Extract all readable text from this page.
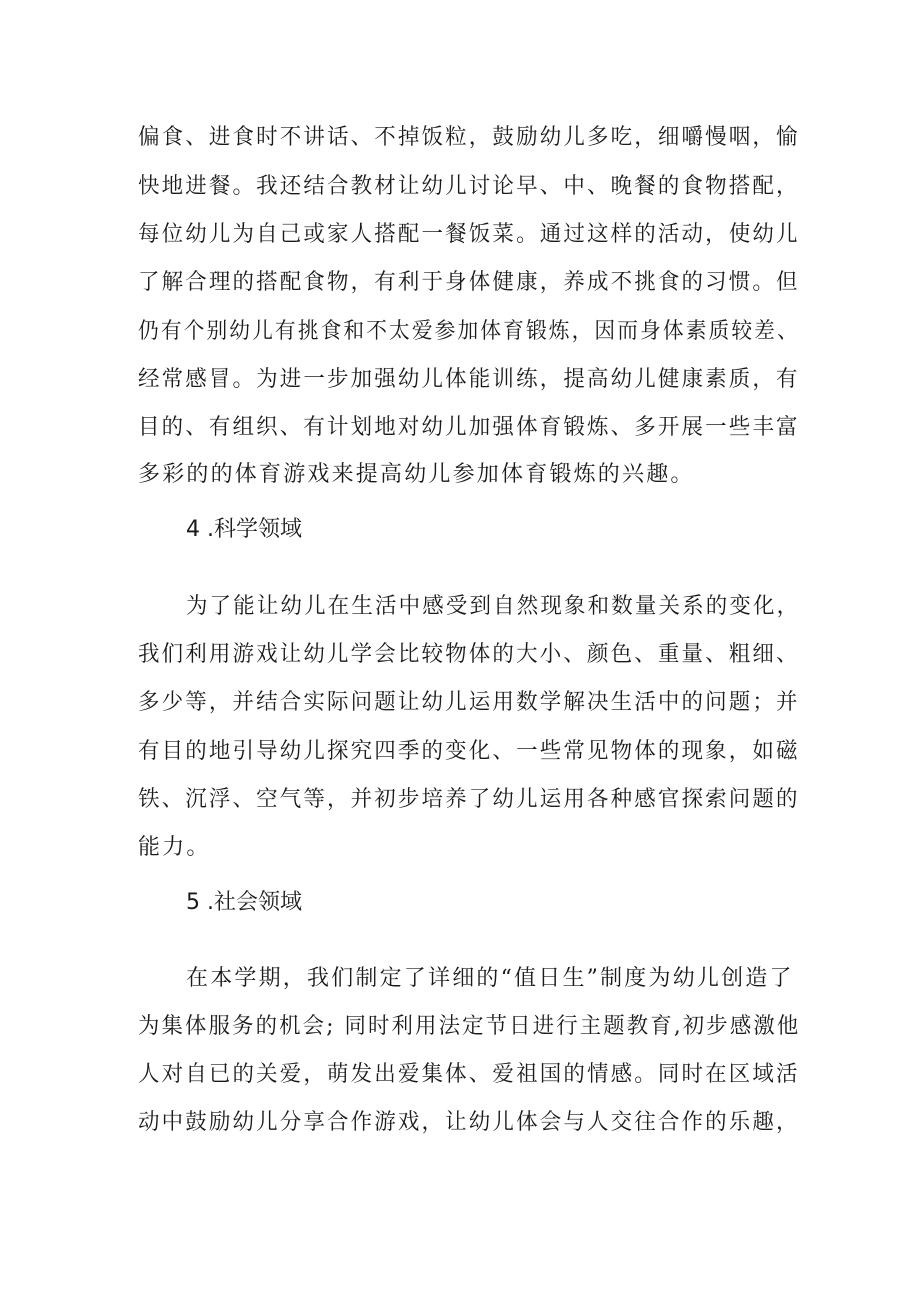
偏食、进食时不讲话、不掉饭粒，鼓励幼儿多吃，细嚼慢咽，愉
快地进餐。我还结合教材让幼儿讨论早、中、晚餐的食物搭配，
每位幼儿为自己或家人搭配一餐饭菜。通过这样的活动，使幼儿
了解合理的搭配食物，有利于身体健康，养成不挑食的习惯。但
仍有个别幼儿有挑食和不太爱参加体育锻炼，因而身体素质较差、
经常感冒。为进一步加强幼儿体能训练，提高幼儿健康素质，有
目的、有组织、有计划地对幼儿加强体育锻炼、多开展一些丰富
多彩的的体育游戏来提高幼儿参加体育锻炼的兴趣。
4 .科学领域
为了能让幼儿在生活中感受到自然现象和数量关系的变化，
我们利用游戏让幼儿学会比较物体的大小、颜色、重量、粗细、
多少等，并结合实际问题让幼儿运用数学解决生活中的问题；并
有目的地引导幼儿探究四季的变化、一些常见物体的现象，如磁
铁、沉浮、空气等，并初步培养了幼儿运用各种感官探索问题的
能力。
5 .社会领域
在本学期，我们制定了详细的“值日生”制度为幼儿创造了
为集体服务的机会; 同时利用法定节日进行主题教育,初步感激他
人对自已的关爱，萌发出爱集体、爱祖国的情感。同时在区域活
动中鼓励幼儿分享合作游戏，让幼儿体会与人交往合作的乐趣，
